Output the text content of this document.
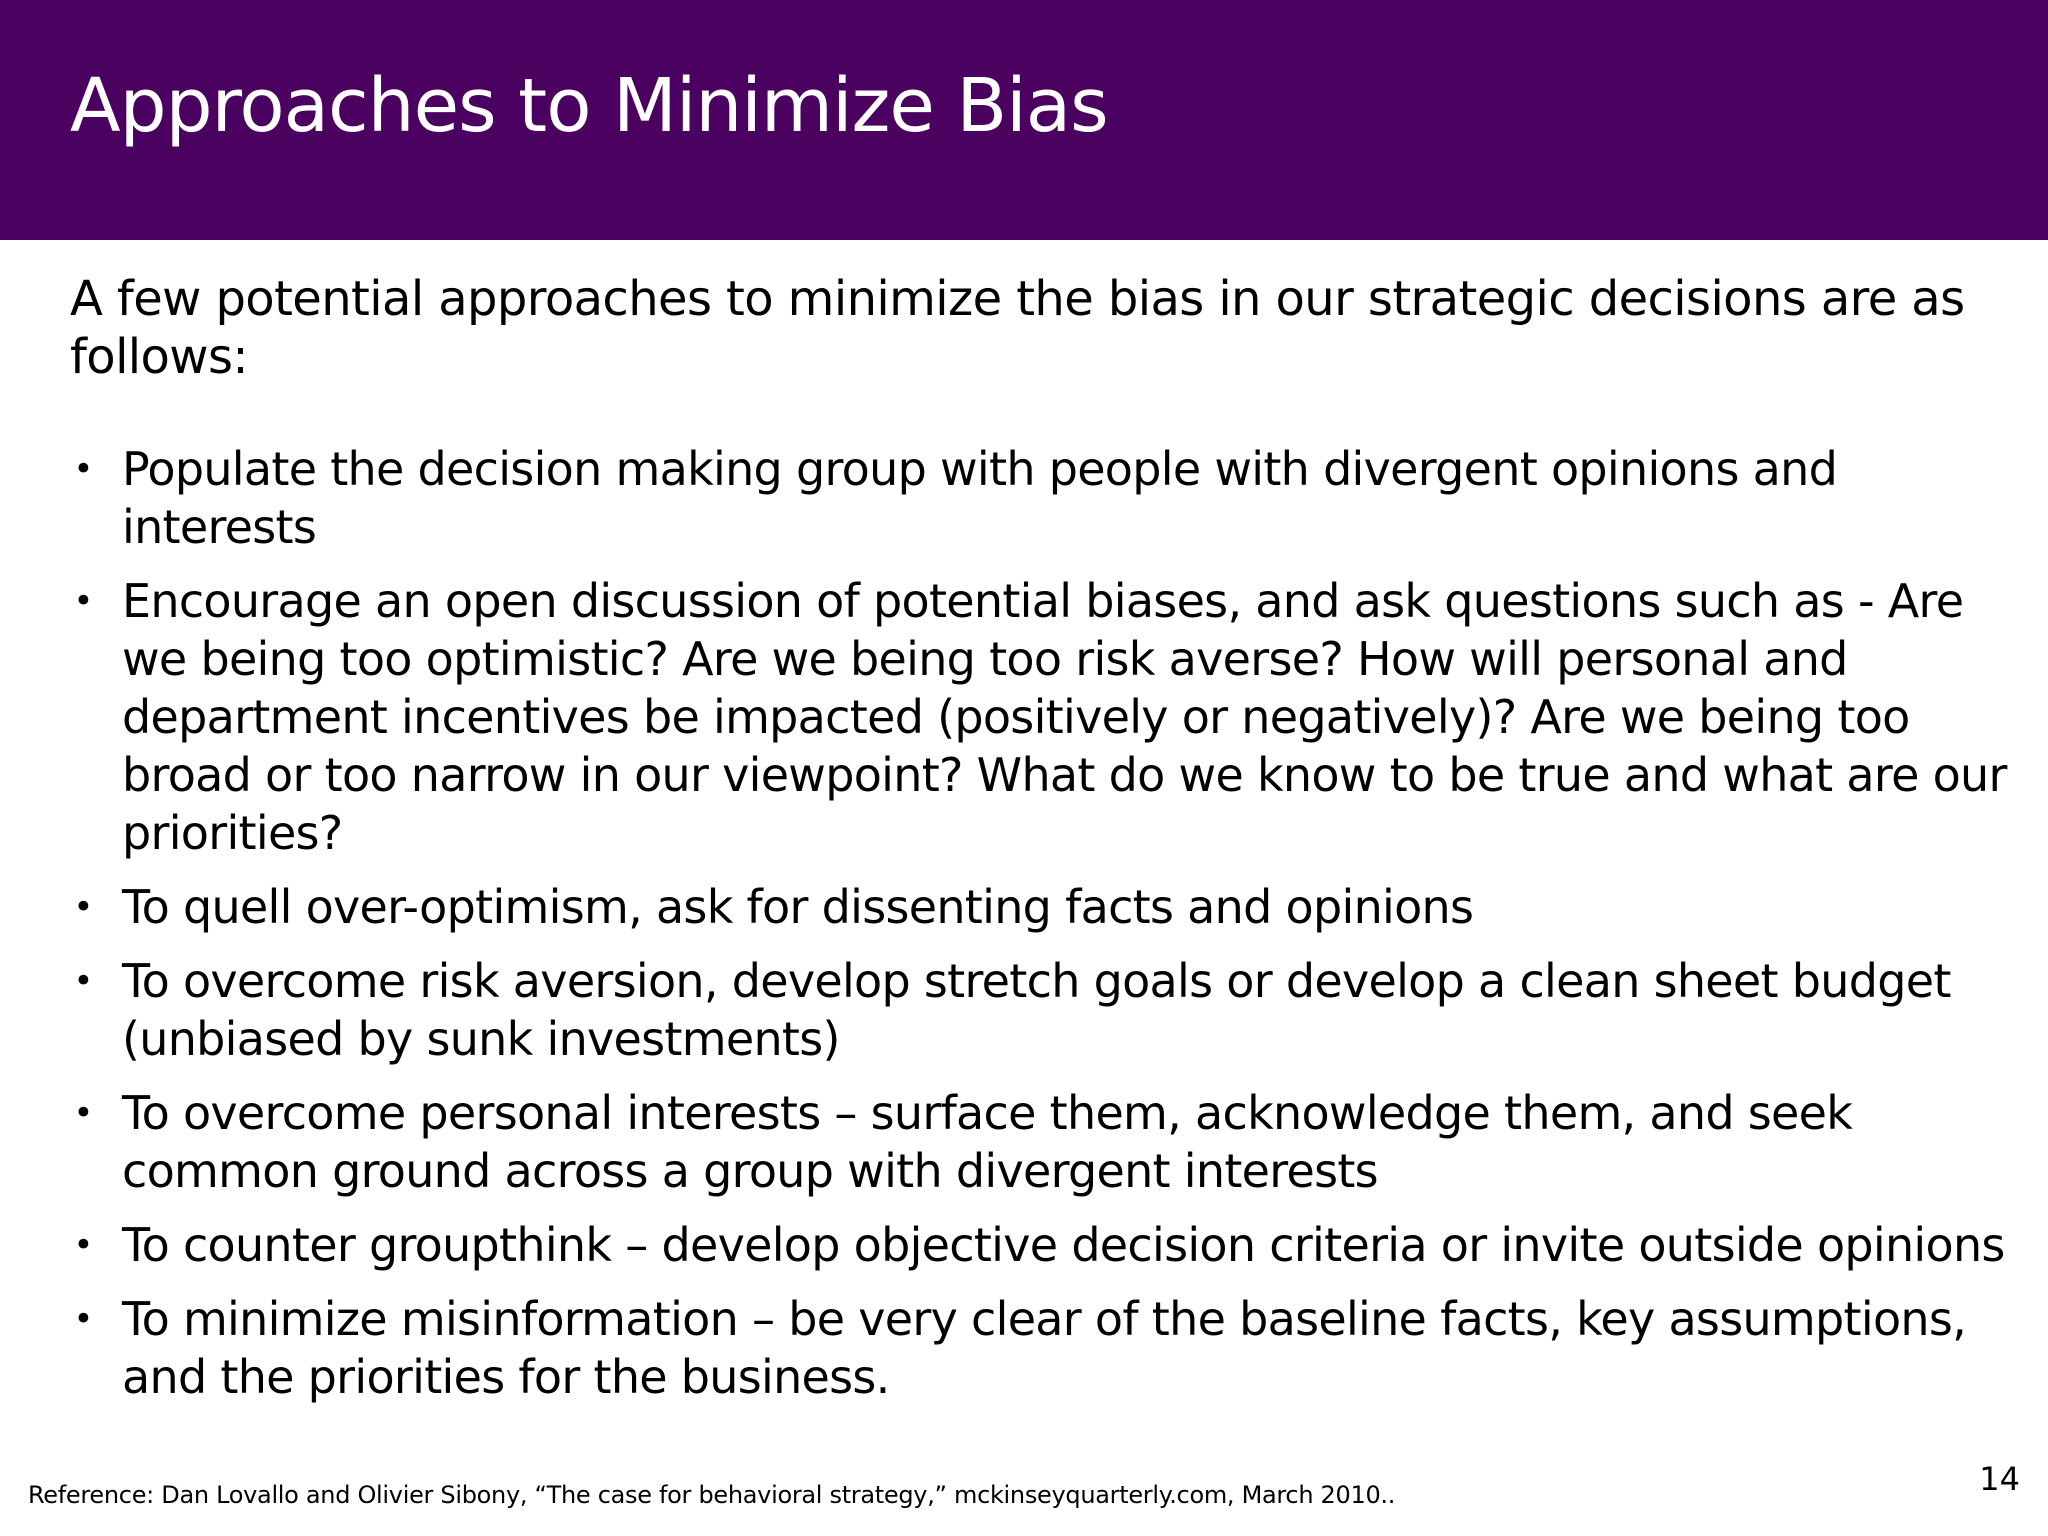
Approaches to Minimize Bias

A few potential approaches to minimize the bias in our strategic decisions are as follows:

• Populate the decision making group with people with divergent opinions and interests
• Encourage an open discussion of potential biases, and ask questions such as - Are we being too optimistic? Are we being too risk averse? How will personal and department incentives be impacted (positively or negatively)? Are we being too broad or too narrow in our viewpoint? What do we know to be true and what are our priorities?
• To quell over-optimism, ask for dissenting facts and opinions
• To overcome risk aversion, develop stretch goals or develop a clean sheet budget (unbiased by sunk investments)
• To overcome personal interests – surface them, acknowledge them, and seek common ground across a group with divergent interests
• To counter groupthink – develop objective decision criteria or invite outside opinions
• To minimize misinformation – be very clear of the baseline facts, key assumptions, and the priorities for the business.

Reference: Dan Lovallo and Olivier Sibony, “The case for behavioral strategy,” mckinseyquarterly.com, March 2010..	14
